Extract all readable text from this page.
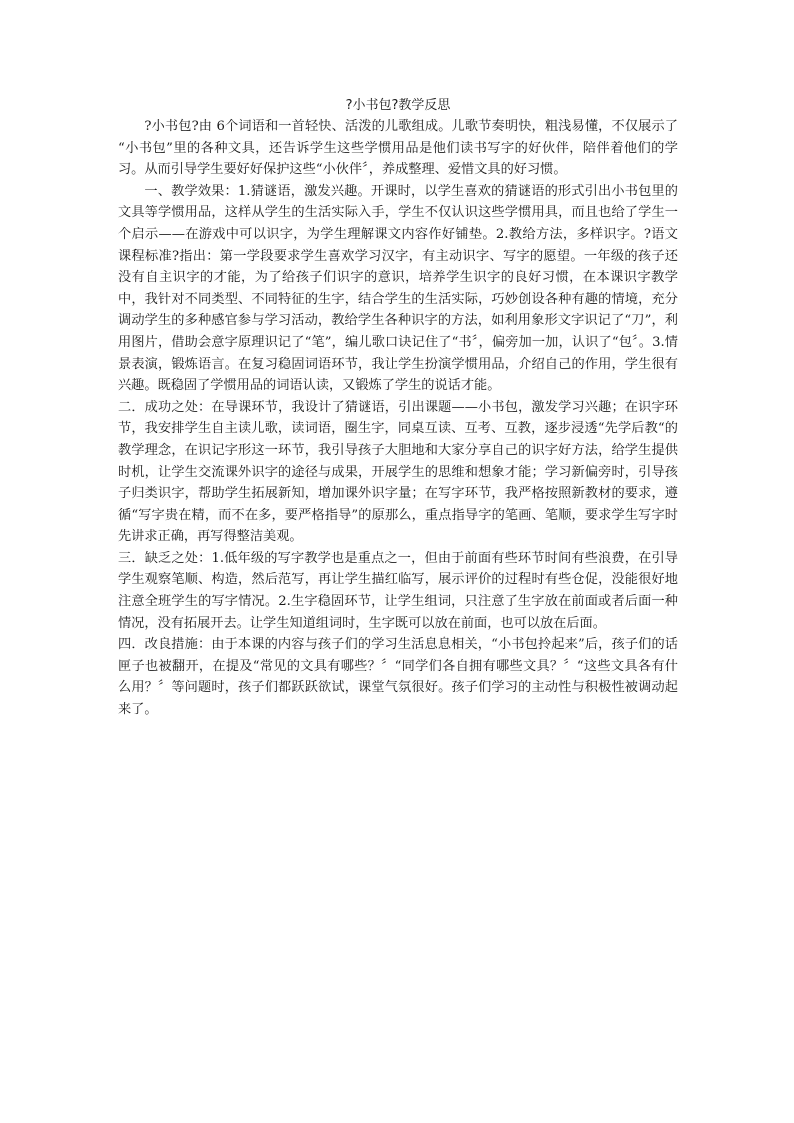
?小书包?教学反思

?小书包?由 6个词语和一首轻快、活泼的儿歌组成。儿歌节奏明快，粗浅易懂，不仅展示了 “小书包”里的各种文具，还告诉学生这些学惯用品是他们读书写字的好伙伴，陪伴着他们的学习。从而引导学生要好好保护这些“小伙伴〞，养成整理、爱惜文具的好习惯。

一、教学效果：1.猜谜语，激发兴趣。开课时，以学生喜欢的猜谜语的形式引出小书包里的文具等学惯用品，这样从学生的生活实际入手，学生不仅认识这些学惯用具，而且也给了学生一个启示——在游戏中可以识字，为学生理解课文内容作好铺垫。2.教给方法，多样识字。?语文课程标准?指出：第一学段要求学生喜欢学习汉字，有主动识字、写字的愿望。一年级的孩子还没有自主识字的才能，为了给孩子们识字的意识，培养学生识字的良好习惯，在本课识字教学中，我针对不同类型、不同特征的生字，结合学生的生活实际，巧妙创设各种有趣的情境，充分调动学生的多种感官参与学习活动，教给学生各种识字的方法，如利用象形文字识记了“刀”，利用图片，借助会意字原理识记了“笔”，编儿歌口诀记住了“书〞，偏旁加一加，认识了“包〞。3.情景表演，锻炼语言。在复习稳固词语环节，我让学生扮演学惯用品，介绍自己的作用，学生很有兴趣。既稳固了学惯用品的词语认读，又锻炼了学生的说话才能。

二．成功之处：在导课环节，我设计了猜谜语，引出课题——小书包，激发学习兴趣；在识字环节，我安排学生自主读儿歌，读词语，圈生字，同桌互读、互考、互教，逐步浸透“先学后教“的教学理念，在识记字形这一环节，我引导孩子大胆地和大家分享自己的识字好方法，给学生提供时机，让学生交流课外识字的途径与成果，开展学生的思维和想象才能；学习新偏旁时，引导孩子归类识字，帮助学生拓展新知，增加课外识字量；在写字环节，我严格按照新教材的要求，遵循“写字贵在精，而不在多，要严格指导”的原那么，重点指导字的笔画、笔顺，要求学生写字时先讲求正确，再写得整洁美观。

三．缺乏之处：1.低年级的写字教学也是重点之一，但由于前面有些环节时间有些浪费，在引导学生观察笔顺、构造，然后范写，再让学生描红临写，展示评价的过程时有些仓促，没能很好地注意全班学生的写字情况。2.生字稳固环节，让学生组词，只注意了生字放在前面或者后面一种情况，没有拓展开去。让学生知道组词时，生字既可以放在前面，也可以放在后面。

四．改良措施：由于本课的内容与孩子们的学习生活息息相关，“小书包拎起来”后，孩子们的话匣子也被翻开，在提及“常见的文具有哪些？〞“同学们各自拥有哪些文具？〞“这些文具各有什么用？〞等问题时，孩子们都跃跃欲试，课堂气氛很好。孩子们学习的主动性与积极性被调动起来了。
